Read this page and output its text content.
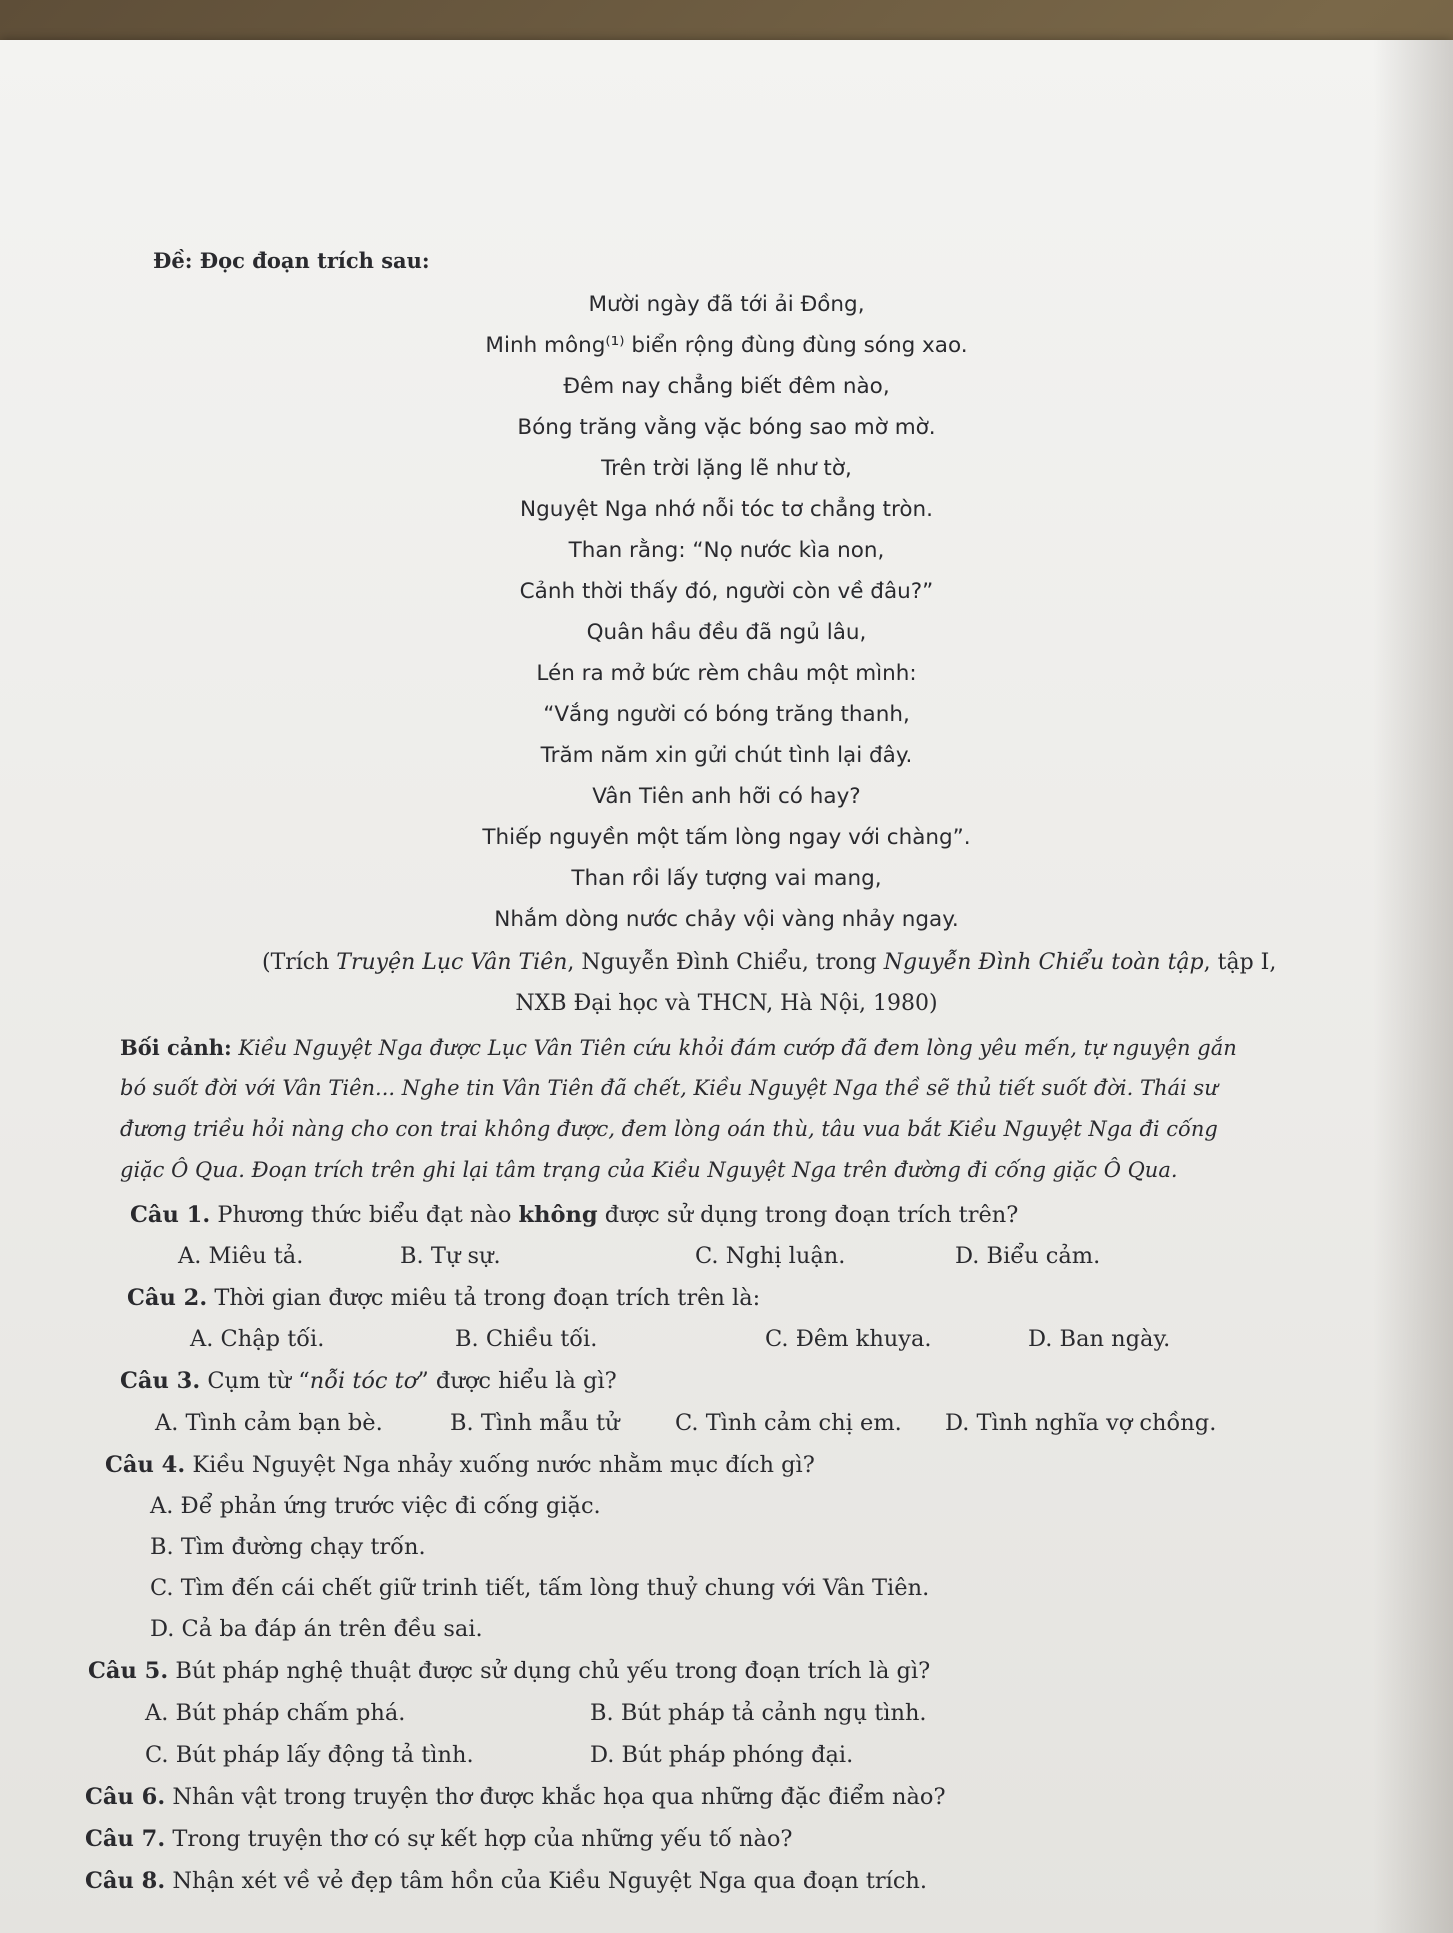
Đề: Đọc đoạn trích sau:
Mười ngày đã tới ải Đồng,
Minh mông⁽¹⁾ biển rộng đùng đùng sóng xao.
Đêm nay chẳng biết đêm nào,
Bóng trăng vằng vặc bóng sao mờ mờ.
Trên trời lặng lẽ như tờ,
Nguyệt Nga nhớ nỗi tóc tơ chẳng tròn.
Than rằng: “Nọ nước kìa non,
Cảnh thời thấy đó, người còn về đâu?”
Quân hầu đều đã ngủ lâu,
Lén ra mở bức rèm châu một mình:
“Vắng người có bóng trăng thanh,
Trăm năm xin gửi chút tình lại đây.
Vân Tiên anh hỡi có hay?
Thiếp nguyền một tấm lòng ngay với chàng”.
Than rồi lấy tượng vai mang,
Nhắm dòng nước chảy vội vàng nhảy ngay.
(Trích Truyện Lục Vân Tiên, Nguyễn Đình Chiểu, trong Nguyễn Đình Chiểu toàn tập, tập I,
NXB Đại học và THCN, Hà Nội, 1980)
Bối cảnh: Kiều Nguyệt Nga được Lục Vân Tiên cứu khỏi đám cướp đã đem lòng yêu mến, tự nguyện gắn
bó suốt đời với Vân Tiên... Nghe tin Vân Tiên đã chết, Kiều Nguyệt Nga thề sẽ thủ tiết suốt đời. Thái sư
đương triều hỏi nàng cho con trai không được, đem lòng oán thù, tâu vua bắt Kiều Nguyệt Nga đi cống
giặc Ô Qua. Đoạn trích trên ghi lại tâm trạng của Kiều Nguyệt Nga trên đường đi cống giặc Ô Qua.
Câu 1. Phương thức biểu đạt nào không được sử dụng trong đoạn trích trên?
A. Miêu tả.	B. Tự sự.	C. Nghị luận.	D. Biểu cảm.
Câu 2. Thời gian được miêu tả trong đoạn trích trên là:
A. Chập tối.	B. Chiều tối.	C. Đêm khuya.	D. Ban ngày.
Câu 3. Cụm từ “nỗi tóc tơ” được hiểu là gì?
A. Tình cảm bạn bè.	B. Tình mẫu tử C. Tình cảm chị em. D. Tình nghĩa vợ chồng.
Câu 4. Kiều Nguyệt Nga nhảy xuống nước nhằm mục đích gì?
A. Để phản ứng trước việc đi cống giặc.
B. Tìm đường chạy trốn.
C. Tìm đến cái chết giữ trinh tiết, tấm lòng thuỷ chung với Vân Tiên.
D. Cả ba đáp án trên đều sai.
Câu 5. Bút pháp nghệ thuật được sử dụng chủ yếu trong đoạn trích là gì?
A. Bút pháp chấm phá.	B. Bút pháp tả cảnh ngụ tình.
C. Bút pháp lấy động tả tình.	D. Bút pháp phóng đại.
Câu 6. Nhân vật trong truyện thơ được khắc họa qua những đặc điểm nào?
Câu 7. Trong truyện thơ có sự kết hợp của những yếu tố nào?
Câu 8. Nhận xét về vẻ đẹp tâm hồn của Kiều Nguyệt Nga qua đoạn trích.
